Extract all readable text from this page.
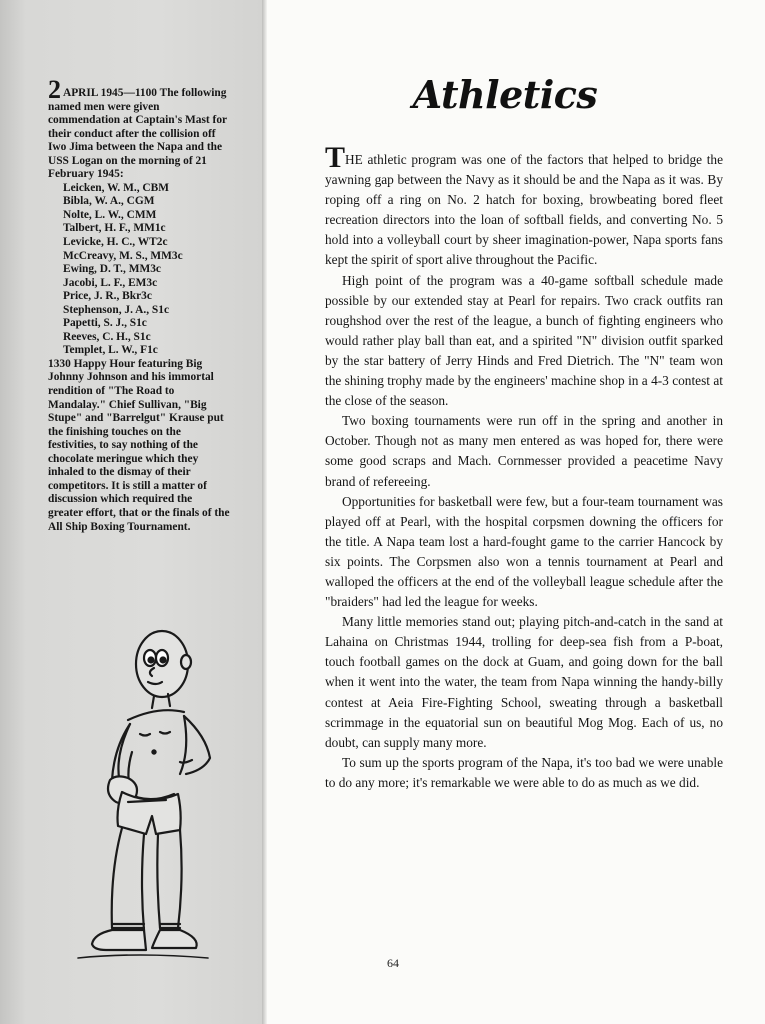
2 APRIL 1945—1100 The following named men were given commendation at Captain's Mast for their conduct after the collision off Iwo Jima between the Napa and the USS Logan on the morning of 21 February 1945:

Leicken, W. M., CBM
Bibla, W. A., CGM
Nolte, L. W., CMM
Talbert, H. F., MM1c
Levicke, H. C., WT2c
McCreavy, M. S., MM3c
Ewing, D. T., MM3c
Jacobi, L. F., EM3c
Price, J. R., Bkr3c
Stephenson, J. A., S1c
Papetti, S. J., S1c
Reeves, C. H., S1c
Templet, L. W., F1c

1330 Happy Hour featuring Big Johnny Johnson and his immortal rendition of "The Road to Mandalay." Chief Sullivan, "Big Stupe" and "Barrelgut" Krause put the finishing touches on the festivities, to say nothing of the chocolate meringue which they inhaled to the dismay of their competitors. It is still a matter of discussion which required the greater effort, that or the finals of the All Ship Boxing Tournament.

Athletics

THE athletic program was one of the factors that helped to bridge the yawning gap between the Navy as it should be and the Napa as it was. By roping off a ring on No. 2 hatch for boxing, browbeating bored fleet recreation directors into the loan of softball fields, and converting No. 5 hold into a volleyball court by sheer imagination-power, Napa sports fans kept the spirit of sport alive throughout the Pacific.

High point of the program was a 40-game softball schedule made possible by our extended stay at Pearl for repairs. Two crack outfits ran roughshod over the rest of the league, a bunch of fighting engineers who would rather play ball than eat, and a spirited "N" division outfit sparked by the star battery of Jerry Hinds and Fred Dietrich. The "N" team won the shining trophy made by the engineers' machine shop in a 4-3 contest at the close of the season.

Two boxing tournaments were run off in the spring and another in October. Though not as many men entered as was hoped for, there were some good scraps and Mach. Cornmesser provided a peacetime Navy brand of refereeing.

Opportunities for basketball were few, but a four-team tournament was played off at Pearl, with the hospital corpsmen downing the officers for the title. A Napa team lost a hard-fought game to the carrier Hancock by six points. The Corpsmen also won a tennis tournament at Pearl and walloped the officers at the end of the volleyball league schedule after the "braiders" had led the league for weeks.

Many little memories stand out; playing pitch-and-catch in the sand at Lahaina on Christmas 1944, trolling for deep-sea fish from a P-boat, touch football games on the dock at Guam, and going down for the ball when it went into the water, the team from Napa winning the handy-billy contest at Aeia Fire-Fighting School, sweating through a basketball scrimmage in the equatorial sun on beautiful Mog Mog. Each of us, no doubt, can supply many more.

To sum up the sports program of the Napa, it's too bad we were unable to do any more; it's remarkable we were able to do as much as we did.

64
